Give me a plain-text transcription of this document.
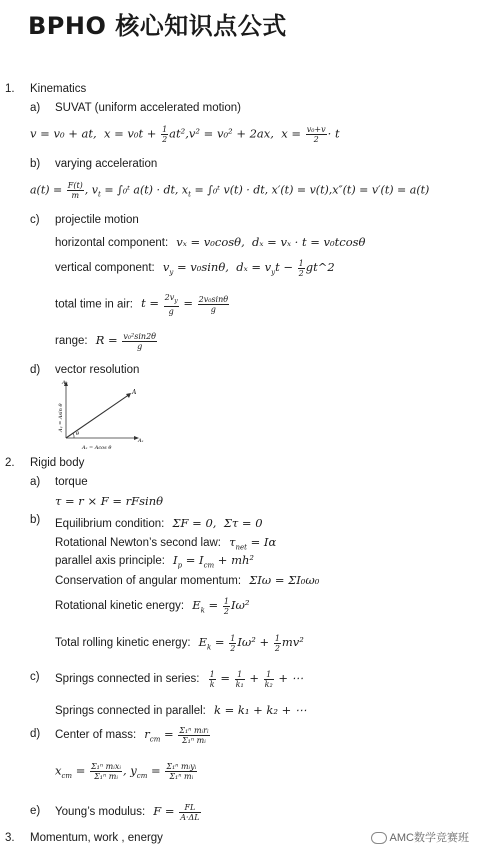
BPHO 核心知识点公式
1. Kinematics
a) SUVAT (uniform accelerated motion)
v = v₀ + at,  $x = v_0t + \frac{1}{2} at^2,v^2 = v_0^2 + 2ax$,  $x = \frac{\text{v₀+v}}{2} \cdot t$
b) varying acceleration
$a(t) = \frac{F(t)}{m}$ , $v_t$ = ∫₀ᵗ a(t) · dt, $x_t$ = ∫₀ᵗ v(t) · dt, x′(t) = v(t),x″(t) = v′(t) = a(t)
c) projectile motion
horizontal component:  vₓ = v₀cosθ,  dₓ = vₓ · t = v₀tcosθ
vertical component:  $v_y = v_0\sin\theta$,  $d_x = v_yt - \frac{1}{2}$ gt^2
total time in air:  $t = \frac{2v_y}{g} = \frac{\text{2v₀sinθ}}{g}$
range:  $R = \frac{\text{v₀²sin2θ}}{g}$
d) vector resolution
A
Aₓ
Aᵧ
θ
Aₓ = Acos θ
Aᵧ = Asin θ
2. Rigid body
a) torque
τ = r × F = rFsinθ
b) Equilibrium condition:  ΣF = 0,  Στ = 0
Rotational Newton’s second law:  $\tau_{net} = I\alpha$
parallel axis principle:  $I_p = I_{cm} + mh^2$
Conservation of angular momentum:  ΣIω = ΣI₀ω₀
Rotational kinetic energy:  $E_k = \frac{1}{2} I\omega^2$
Total rolling kinetic energy:  $E_k = \frac{1}{2} I\omega^2 + \frac{1}{2} mv^2$
c) Springs connected in series: $\frac{1}{k} = \frac{1}{\text{k₁}} + \frac{1}{\text{k₂}}$ + ⋯
Springs connected in parallel:  k = k₁ + k₂ + ⋯
d) Center of mass:  $r_{cm} = \Sigma_1^n$ mᵢrᵢ
Σ₁ⁿ mᵢ
$x_{cm} = \Sigma_1^n$ mᵢxᵢ
Σ₁ⁿ mᵢ , $y_{cm} = \Sigma_1^n$ mᵢyᵢ
Σ₁ⁿ mᵢ
e) Young’s modulus:  $F = \frac{FL}{A\cdot\Delta L}$
3. Momentum, work , energy	AMC数学竞赛班
